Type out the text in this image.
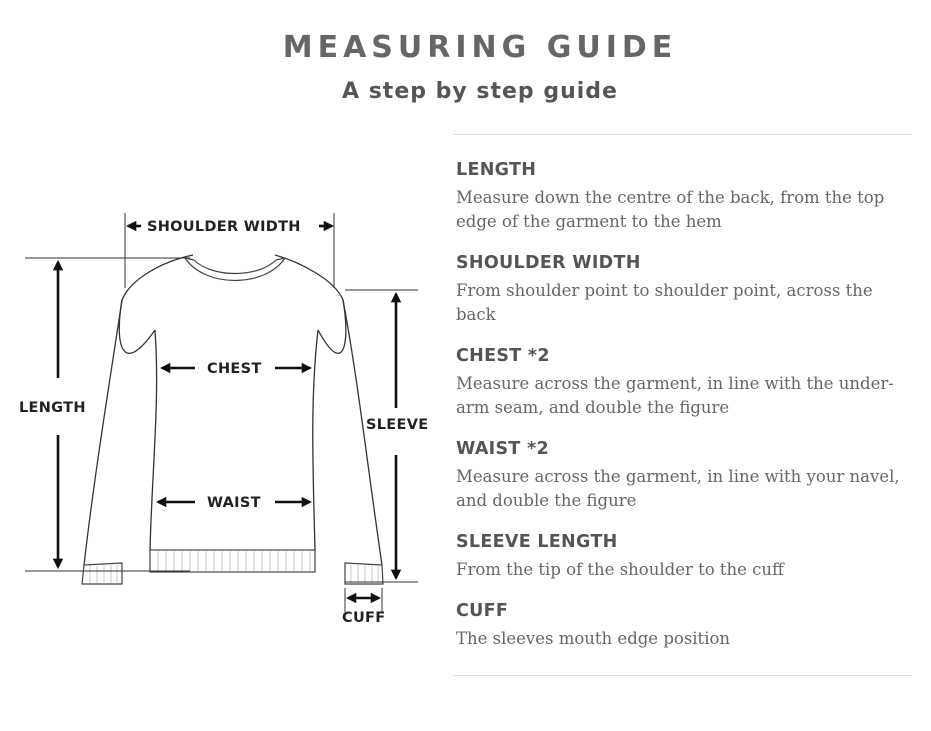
MEASURING GUIDE
A step by step guide
SHOULDER WIDTH
LENGTH
CHEST
WAIST
SLEEVE
CUFF
LENGTH
Measure down the centre of the back, from the top edge of the garment to the hem
SHOULDER WIDTH
From shoulder point to shoulder point, across the back
CHEST *2
Measure across the garment, in line with the under-arm seam, and double the figure
WAIST *2
Measure across the garment, in line with your navel, and double the figure
SLEEVE LENGTH
From the tip of the shoulder to the cuff
CUFF
The sleeves mouth edge position
